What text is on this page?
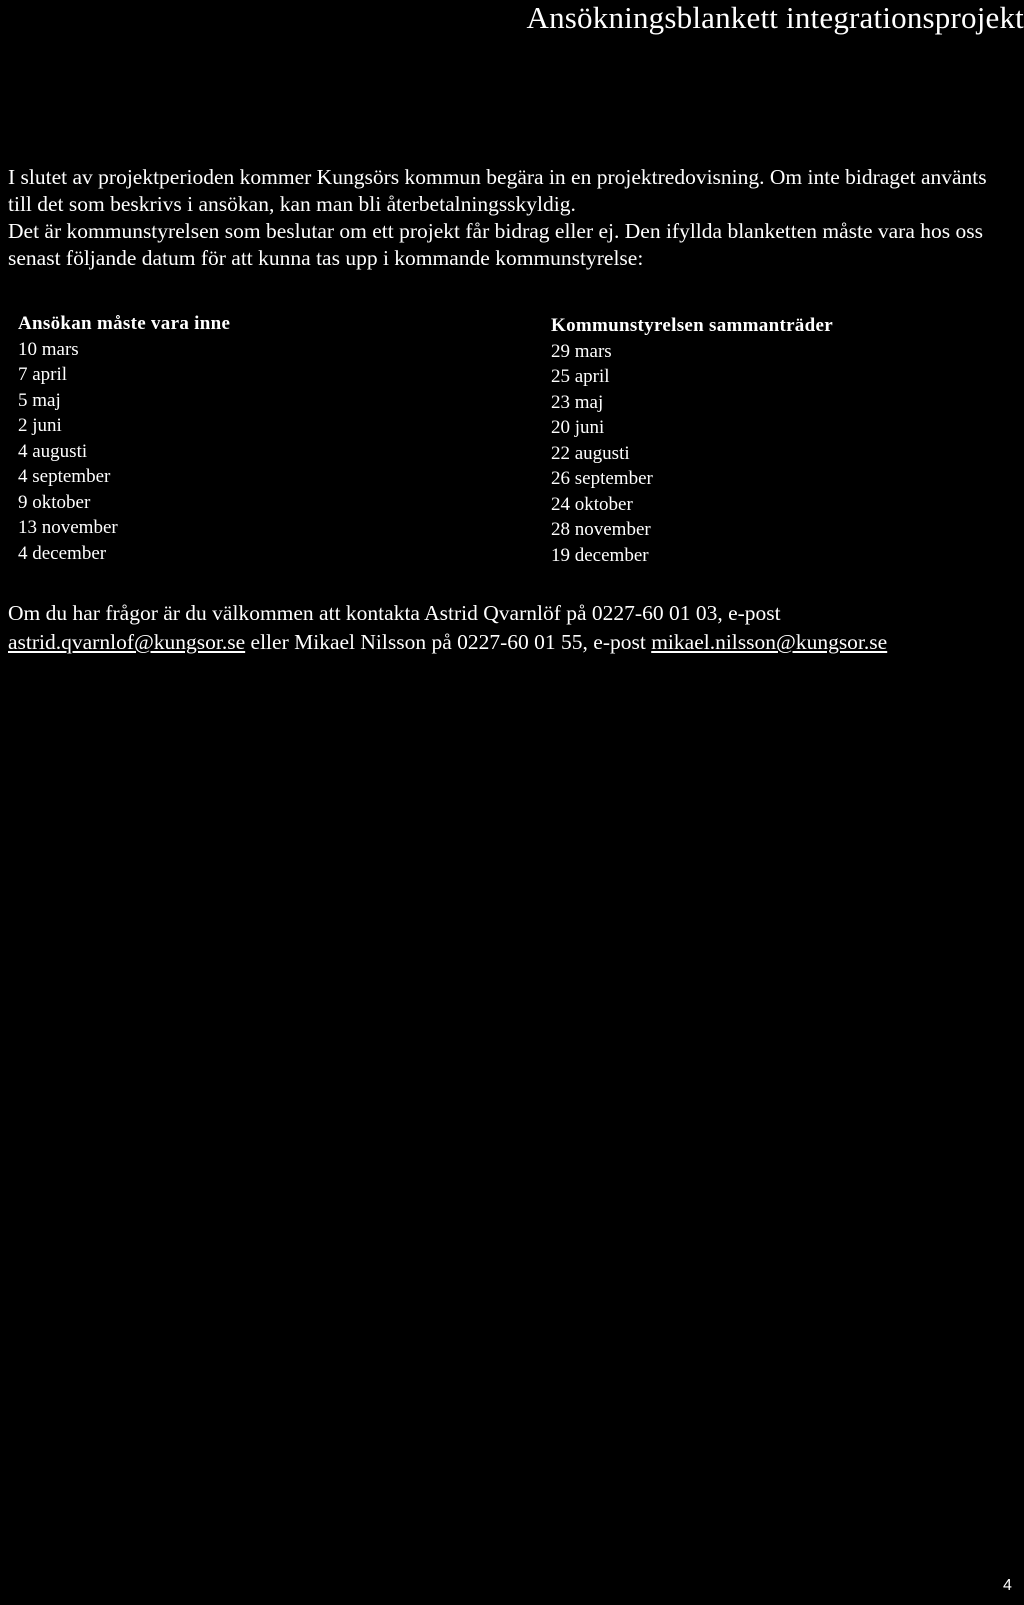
Ansökningsblankett integrationsprojekt

I slutet av projektperioden kommer Kungsörs kommun begära in en projektredovisning. Om inte bidraget använts till det som beskrivs i ansökan, kan man bli återbetalningsskyldig.

Det är kommunstyrelsen som beslutar om ett projekt får bidrag eller ej. Den ifyllda blanketten måste vara hos oss senast följande datum för att kunna tas upp i kommande kommunstyrelse:

Ansökan måste vara inne
10 mars
7 april
5 maj
2 juni
4 augusti
4 september
9 oktober
13 november
4 december
Kommunstyrelsen sammanträder
29 mars
25 april
23 maj
20 juni
22 augusti
26 september
24 oktober
28 november
19 december
Om du har frågor är du välkommen att kontakta Astrid Qvarnlöf på 0227-60 01 03, e-post astrid.qvarnlof@kungsor.se eller Mikael Nilsson på 0227-60 01 55, e-post mikael.nilsson@kungsor.se
4
